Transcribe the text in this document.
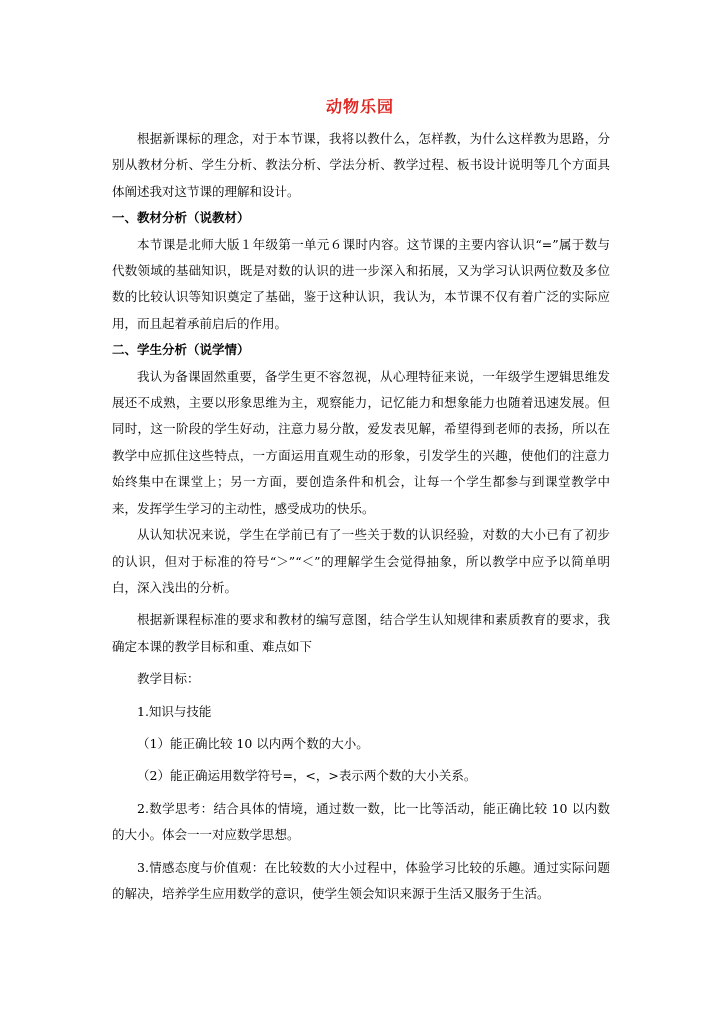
动物乐园

根据新课标的理念，对于本节课，我将以教什么，怎样教，为什么这样教为思路，分别从教材分析、学生分析、教法分析、学法分析、教学过程、板书设计说明等几个方面具体阐述我对这节课的理解和设计。

一、教材分析（说教材）

本节课是北师大版１年级第一单元６课时内容。这节课的主要内容认识“=”属于数与代数领域的基础知识，既是对数的认识的进一步深入和拓展，又为学习认识两位数及多位数的比较认识等知识奠定了基础，鉴于这种认识，我认为，本节课不仅有着广泛的实际应用，而且起着承前启后的作用。

二、学生分析（说学情）

我认为备课固然重要，备学生更不容忽视，从心理特征来说，一年级学生逻辑思维发展还不成熟，主要以形象思维为主，观察能力，记忆能力和想象能力也随着迅速发展。但同时，这一阶段的学生好动，注意力易分散，爱发表见解，希望得到老师的表扬，所以在教学中应抓住这些特点，一方面运用直观生动的形象，引发学生的兴趣，使他们的注意力始终集中在课堂上；另一方面，要创造条件和机会，让每一个学生都参与到课堂教学中来，发挥学生学习的主动性，感受成功的快乐。

从认知状况来说，学生在学前已有了一些关于数的认识经验，对数的大小已有了初步的认识，但对于标准的符号“＞”“＜”的理解学生会觉得抽象，所以教学中应予以简单明白，深入浅出的分析。

根据新课程标准的要求和教材的编写意图，结合学生认知规律和素质教育的要求，我确定本课的教学目标和重、难点如下

教学目标：

1.知识与技能

（1）能正确比较 10 以内两个数的大小。

（2）能正确运用数学符号=，<，>表示两个数的大小关系。

2.数学思考：结合具体的情境，通过数一数，比一比等活动，能正确比较 10 以内数的大小。体会一一对应数学思想。

3.情感态度与价值观：在比较数的大小过程中，体验学习比较的乐趣。通过实际问题的解决，培养学生应用数学的意识，使学生领会知识来源于生活又服务于生活。
